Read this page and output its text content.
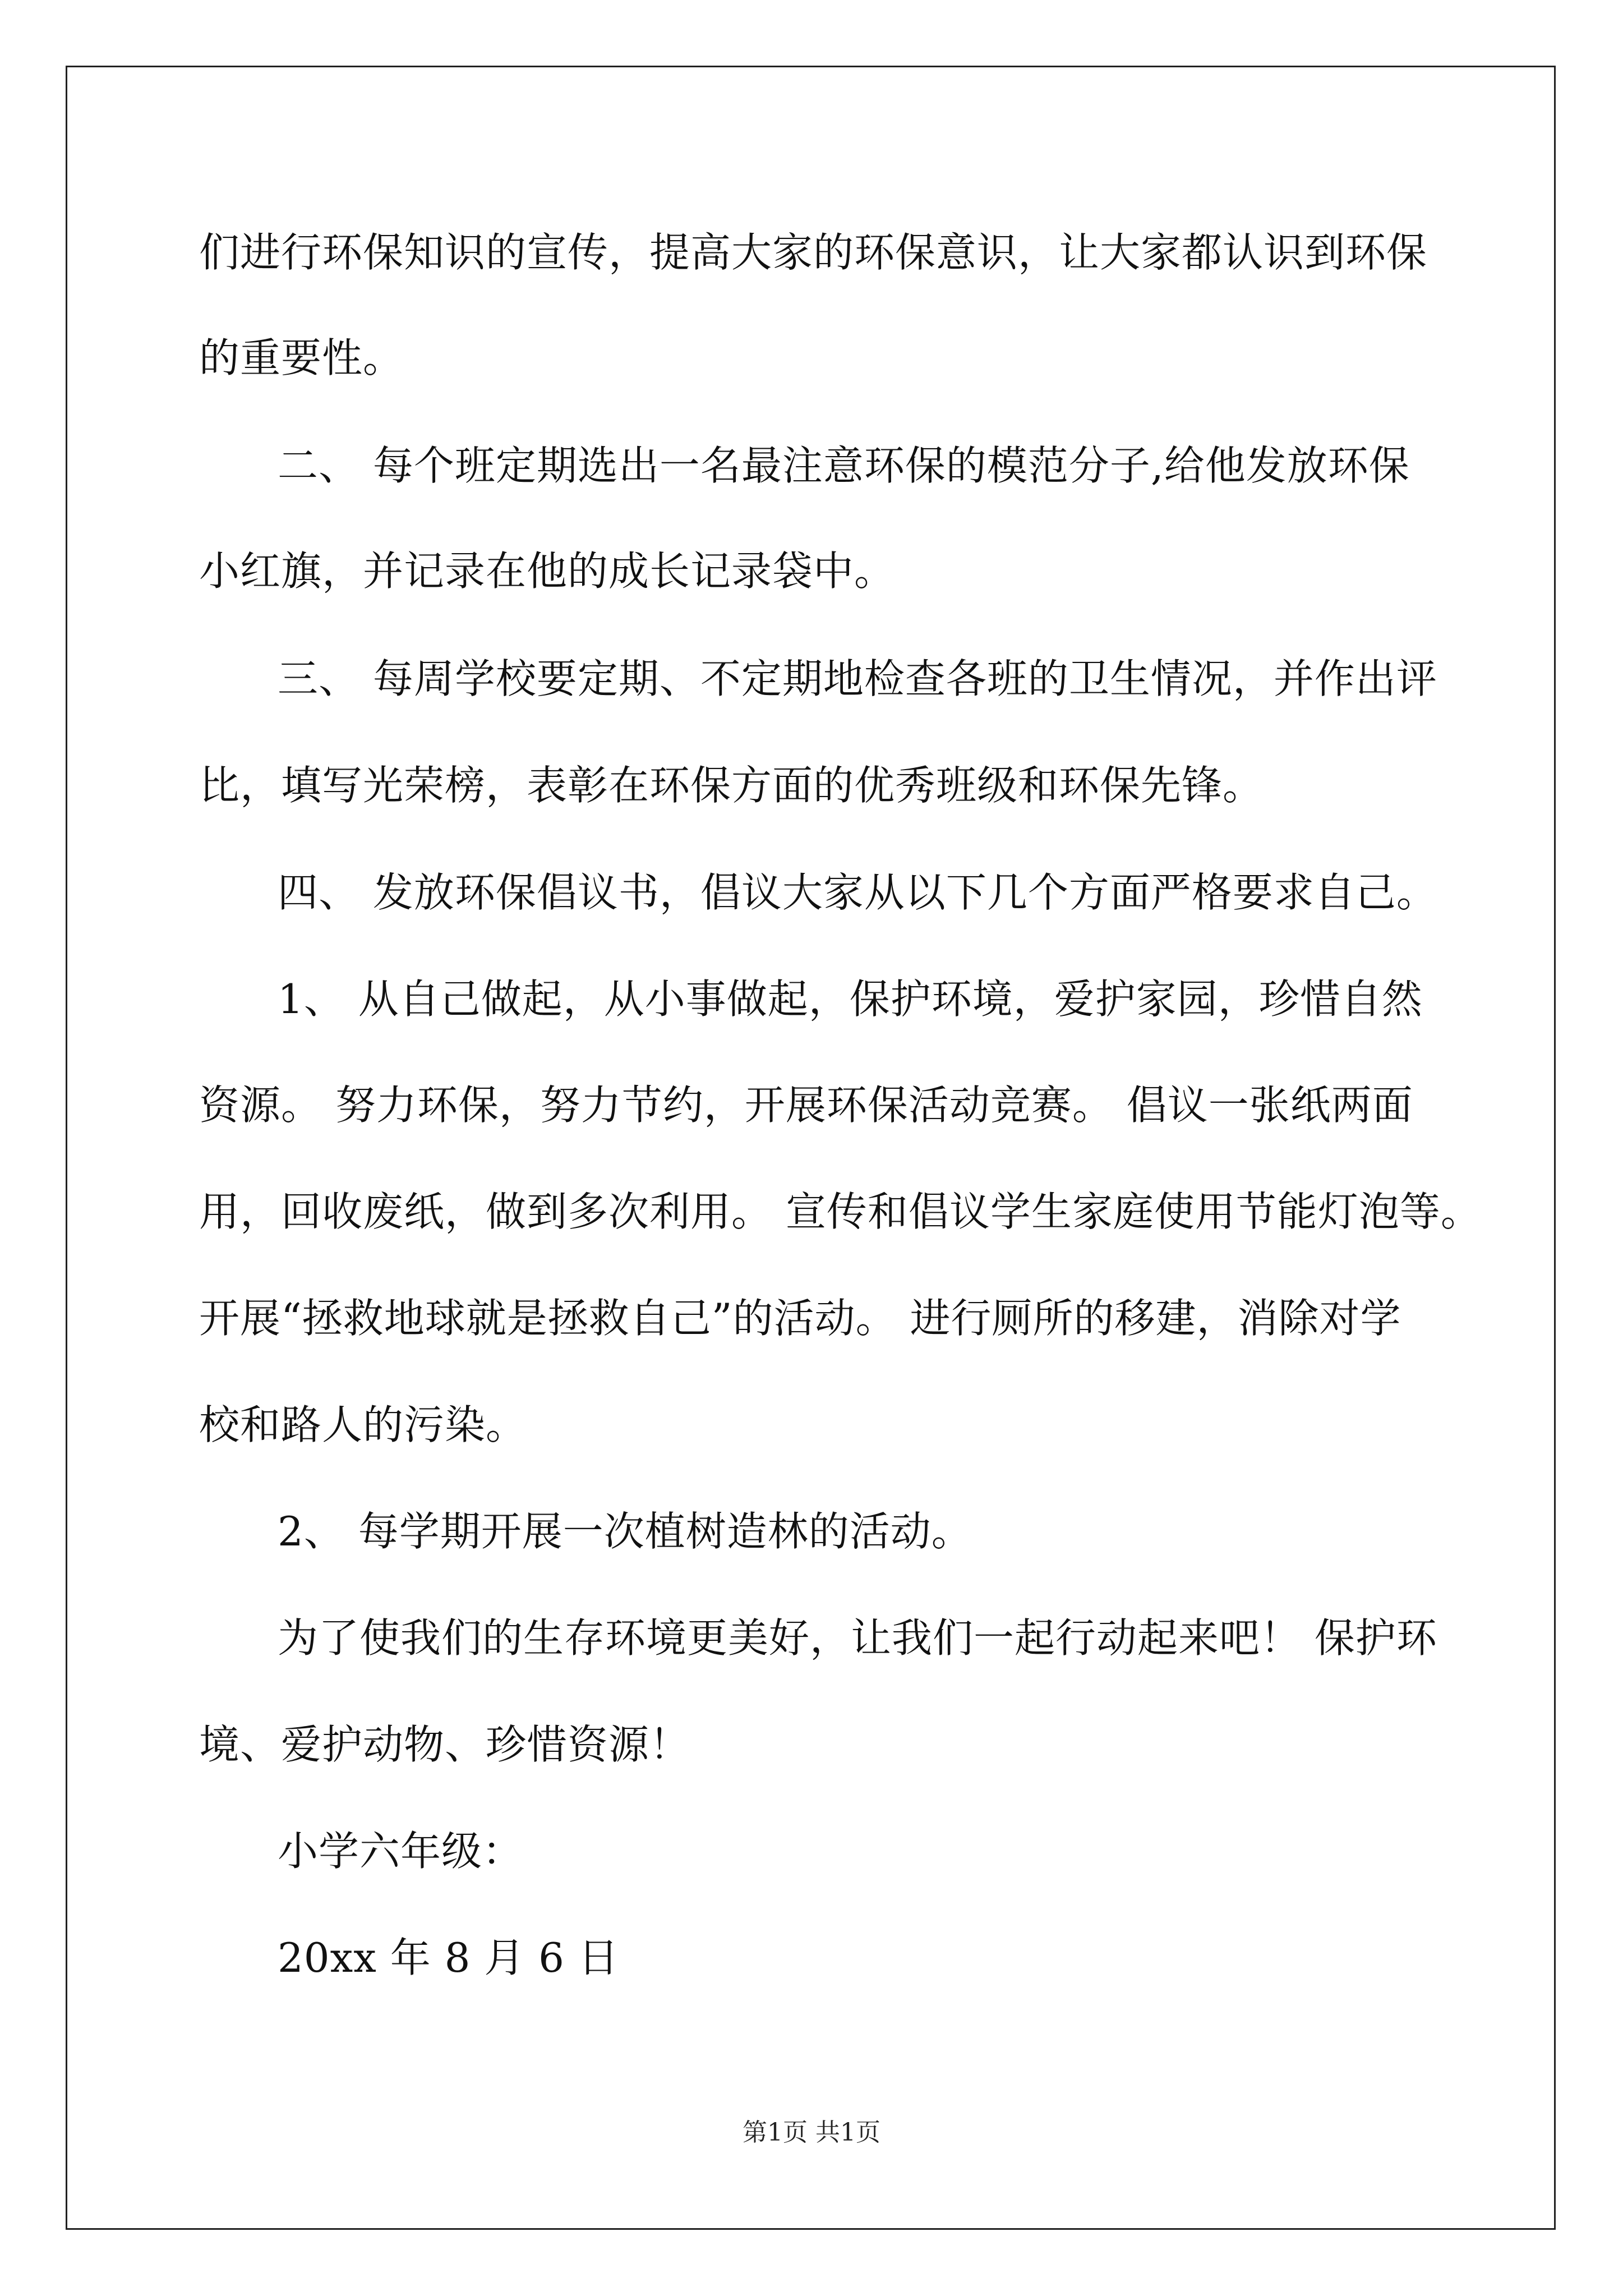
们进行环保知识的宣传，提高大家的环保意识，让大家都认识到环保
的重要性。
二、 每个班定期选出一名最注意环保的模范分子,给他发放环保
小红旗，并记录在他的成长记录袋中。
三、 每周学校要定期、不定期地检查各班的卫生情况，并作出评
比，填写光荣榜，表彰在环保方面的优秀班级和环保先锋。
四、 发放环保倡议书，倡议大家从以下几个方面严格要求自己。
1、 从自己做起，从小事做起，保护环境，爱护家园，珍惜自然
资源。 努力环保，努力节约，开展环保活动竞赛。 倡议一张纸两面
用，回收废纸，做到多次利用。 宣传和倡议学生家庭使用节能灯泡等。
开展“拯救地球就是拯救自己”的活动。 进行厕所的移建，消除对学
校和路人的污染。
2、 每学期开展一次植树造林的活动。
为了使我们的生存环境更美好，让我们一起行动起来吧！ 保护环
境、爱护动物、珍惜资源！
小学六年级：
20xx 年 8 月 6 日
第1页 共1页
